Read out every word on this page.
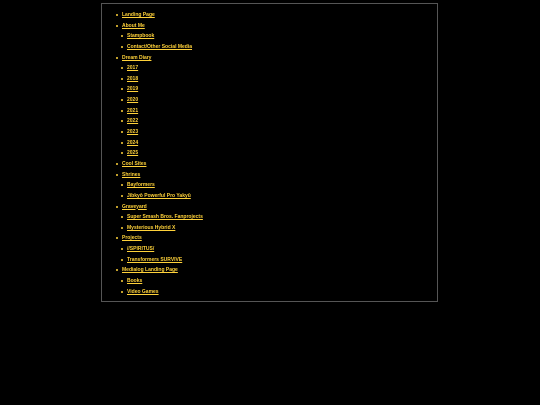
Landing Page
About Me
Stampbook
Contact/Other Social Media
Dream Diary
2017
2018
2019
2020
2021
2022
2023
2024
2025
Cool Sites
Shrines
Bayformers
Jibkyō Powerful Pro Yakyū
Graveyard
Super Smash Bros. Fanprojects
Mysterious Hybrid X
Projects
//SPIRITUS/
Transformers SURVIVE
Medialog Landing Page
Books
Video Games
